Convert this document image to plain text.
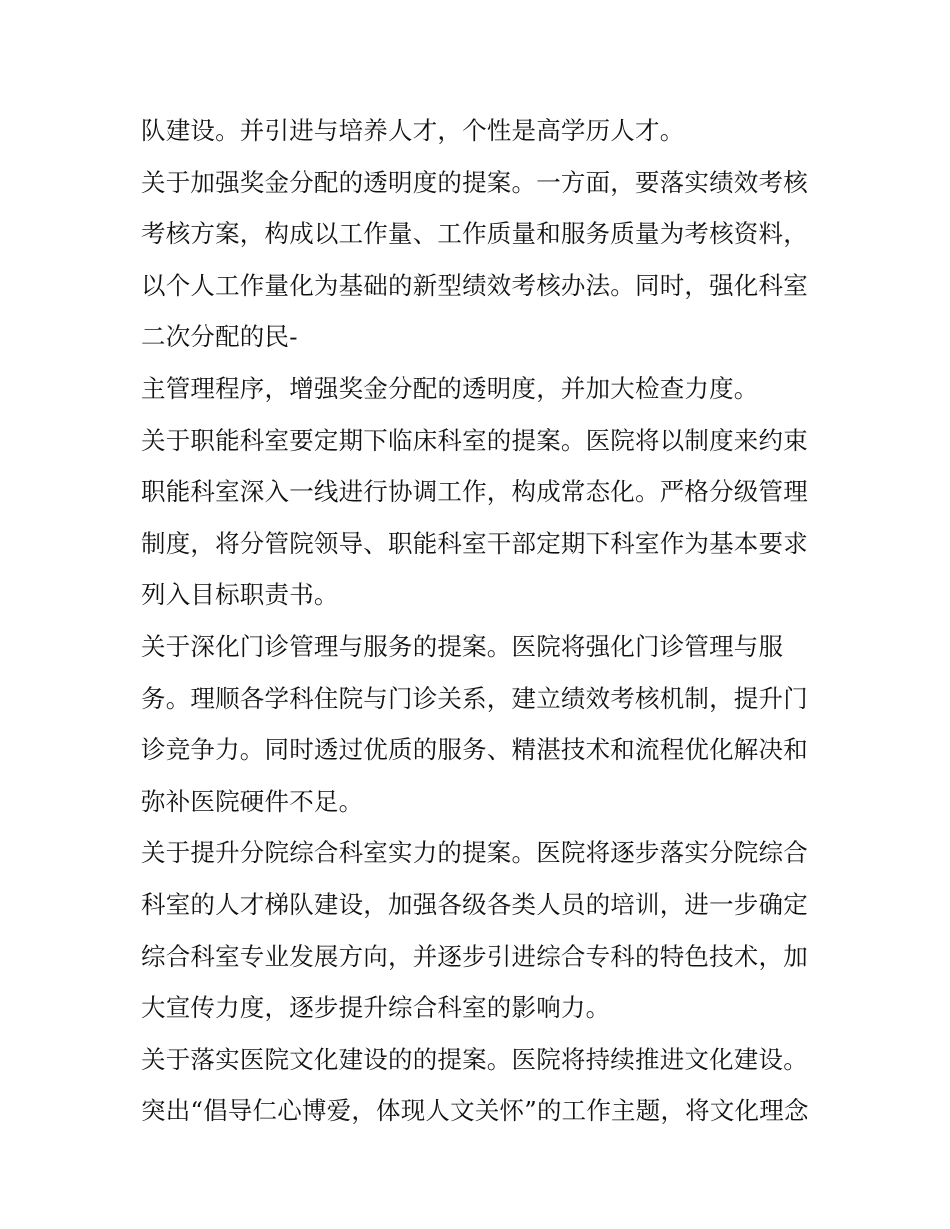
队建设。并引进与培养人才，个性是高学历人才。
关于加强奖金分配的透明度的提案。一方面，要落实绩效考核
考核方案，构成以工作量、工作质量和服务质量为考核资料，
以个人工作量化为基础的新型绩效考核办法。同时，强化科室
二次分配的民-
主管理程序，增强奖金分配的透明度，并加大检查力度。
关于职能科室要定期下临床科室的提案。医院将以制度来约束
职能科室深入一线进行协调工作，构成常态化。严格分级管理
制度，将分管院领导、职能科室干部定期下科室作为基本要求
列入目标职责书。
关于深化门诊管理与服务的提案。医院将强化门诊管理与服
务。理顺各学科住院与门诊关系，建立绩效考核机制，提升门
诊竞争力。同时透过优质的服务、精湛技术和流程优化解决和
弥补医院硬件不足。
关于提升分院综合科室实力的提案。医院将逐步落实分院综合
科室的人才梯队建设，加强各级各类人员的培训，进一步确定
综合科室专业发展方向，并逐步引进综合专科的特色技术，加
大宣传力度，逐步提升综合科室的影响力。
关于落实医院文化建设的的提案。医院将持续推进文化建设。
突出“倡导仁心博爱，体现人文关怀”的工作主题，将文化理念
